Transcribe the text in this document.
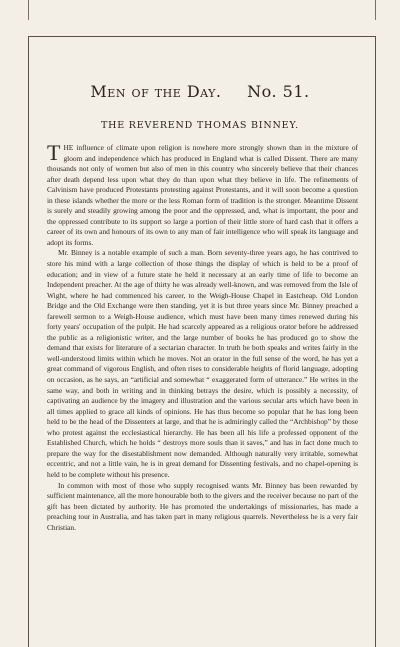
Men of the Day. No. 51.
THE REVEREND THOMAS BINNEY.

THE influence of climate upon religion is nowhere more strongly shown than in the mixture of gloom and independence which has produced in England what is called Dissent. There are many thousands not only of women but also of men in this country who sincerely believe that their chances after death depend less upon what they do than upon what they believe in life. The refinements of Calvinism have produced Protestants protesting against Protestants, and it will soon become a question in these islands whether the more or the less Roman form of tradition is the stronger. Meantime Dissent is surely and steadily growing among the poor and the oppressed, and, what is important, the poor and the oppressed contribute to its support so large a portion of their little store of hard cash that it offers a career of its own and honours of its own to any man of fair intelligence who will speak its language and adopt its forms.

Mr. Binney is a notable example of such a man. Born seventy-three years ago, he has contrived to store his mind with a large collection of those things the display of which is held to be a proof of education; and in view of a future state he held it necessary at an early time of life to become an Independent preacher. At the age of thirty he was already well-known, and was removed from the Isle of Wight, where he had commenced his career, to the Weigh-House Chapel in Eastcheap. Old London Bridge and the Old Exchange were then standing, yet it is but three years since Mr. Binney preached a farewell sermon to a Weigh-House audience, which must have been many times renewed during his forty years' occupation of the pulpit. He had scarcely appeared as a religious orator before he addressed the public as a religionistic writer, and the large number of books he has produced go to show the demand that exists for literature of a sectarian character. In truth he both speaks and writes fairly in the well-understood limits within which he moves. Not an orator in the full sense of the word, he has yet a great command of vigorous English, and often rises to considerable heights of florid language, adopting on occasion, as he says, an “artificial and somewhat “ exaggerated form of utterance.” He writes in the same way, and both in writing and in thinking betrays the desire, which is possibly a necessity, of captivating an audience by the imagery and illustration and the various secular arts which have been in all times applied to grace all kinds of opinions. He has thus become so popular that he has long been held to be the head of the Dissenters at large, and that he is admiringly called the “Archbishop” by those who protest against the ecclesiastical hierarchy. He has been all his life a professed opponent of the Established Church, which he holds “ destroys more souls than it saves,” and has in fact done much to prepare the way for the disestablishment now demanded. Although naturally very irritable, somewhat eccentric, and not a little vain, he is in great demand for Dissenting festivals, and no chapel-opening is held to be complete without his presence.

In common with most of those who supply recognised wants Mr. Binney has been rewarded by sufficient maintenance, all the more honourable both to the givers and the receiver because no part of the gift has been dictated by authority. He has promoted the undertakings of missionaries, has made a preaching tour in Australia, and has taken part in many religious quarrels. Nevertheless he is a very fair Christian.
